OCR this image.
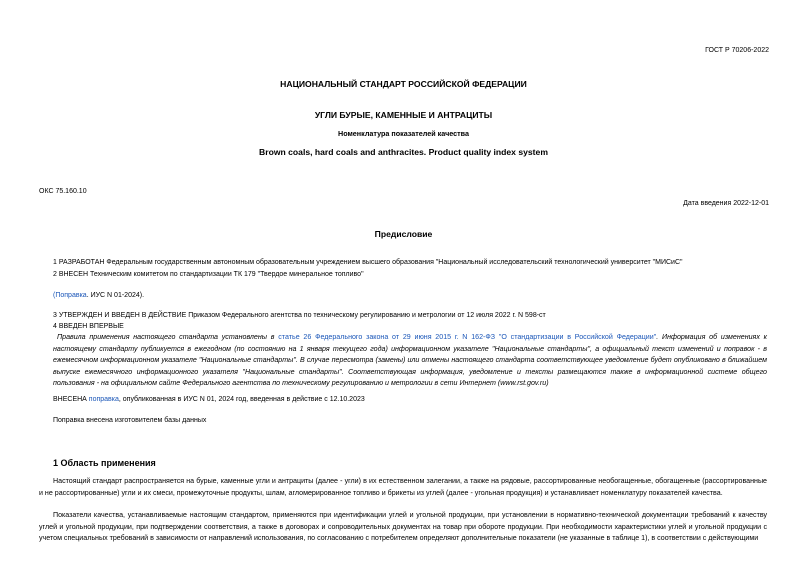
ГОСТ Р 70206-2022
НАЦИОНАЛЬНЫЙ СТАНДАРТ РОССИЙСКОЙ ФЕДЕРАЦИИ
УГЛИ БУРЫЕ, КАМЕННЫЕ И АНТРАЦИТЫ
Номенклатура показателей качества
Brown coals, hard coals and anthracites. Product quality index system
ОКС 75.160.10
Дата введения 2022-12-01
Предисловие
1 РАЗРАБОТАН Федеральным государственным автономным образовательным учреждением высшего образования "Национальный исследовательский технологический университет "МИСиС"
2 ВНЕСЕН Техническим комитетом по стандартизации ТК 179 "Твердое минеральное топливо"
(Поправка. ИУС N 01-2024).
3 УТВЕРЖДЕН И ВВЕДЕН В ДЕЙСТВИЕ Приказом Федерального агентства по техническому регулированию и метрологии от 12 июля 2022 г. N 598-ст
4 ВВЕДЕН ВПЕРВЫЕ
Правила применения настоящего стандарта установлены в статье 26 Федерального закона от 29 июня 2015 г. N 162-ФЗ "О стандартизации в Российской Федерации". Информация об изменениях к настоящему стандарту публикуется в ежегодном (по состоянию на 1 января текущего года) информационном указателе "Национальные стандарты", а официальный текст изменений и поправок - в ежемесячном информационном указателе "Национальные стандарты". В случае пересмотра (замены) или отмены настоящего стандарта соответствующее уведомление будет опубликовано в ближайшем выпуске ежемесячного информационного указателя "Национальные стандарты". Соответствующая информация, уведомление и тексты размещаются также в информационной системе общего пользования - на официальном сайте Федерального агентства по техническому регулированию и метрологии в сети Интернет (www.rst.gov.ru)
ВНЕСЕНА поправка, опубликованная в ИУС N 01, 2024 год, введенная в действие с 12.10.2023
Поправка внесена изготовителем базы данных
1 Область применения
Настоящий стандарт распространяется на бурые, каменные угли и антрациты (далее - угли) в их естественном залегании, а также на рядовые, рассортированные необогащенные, обогащенные (рассортированные и не рассортированные) угли и их смеси, промежуточные продукты, шлам, агломерированное топливо и брикеты из углей (далее - угольная продукция) и устанавливает номенклатуру показателей качества.
Показатели качества, устанавливаемые настоящим стандартом, применяются при идентификации углей и угольной продукции, при установлении в нормативно-технической документации требований к качеству углей и угольной продукции, при подтверждении соответствия, а также в договорах и сопроводительных документах на товар при обороте продукции. При необходимости характеристики углей и угольной продукции с учетом специальных требований в зависимости от направлений использования, по согласованию с потребителем определяют дополнительные показатели (не указанные в таблице 1), в соответствии с действующими
